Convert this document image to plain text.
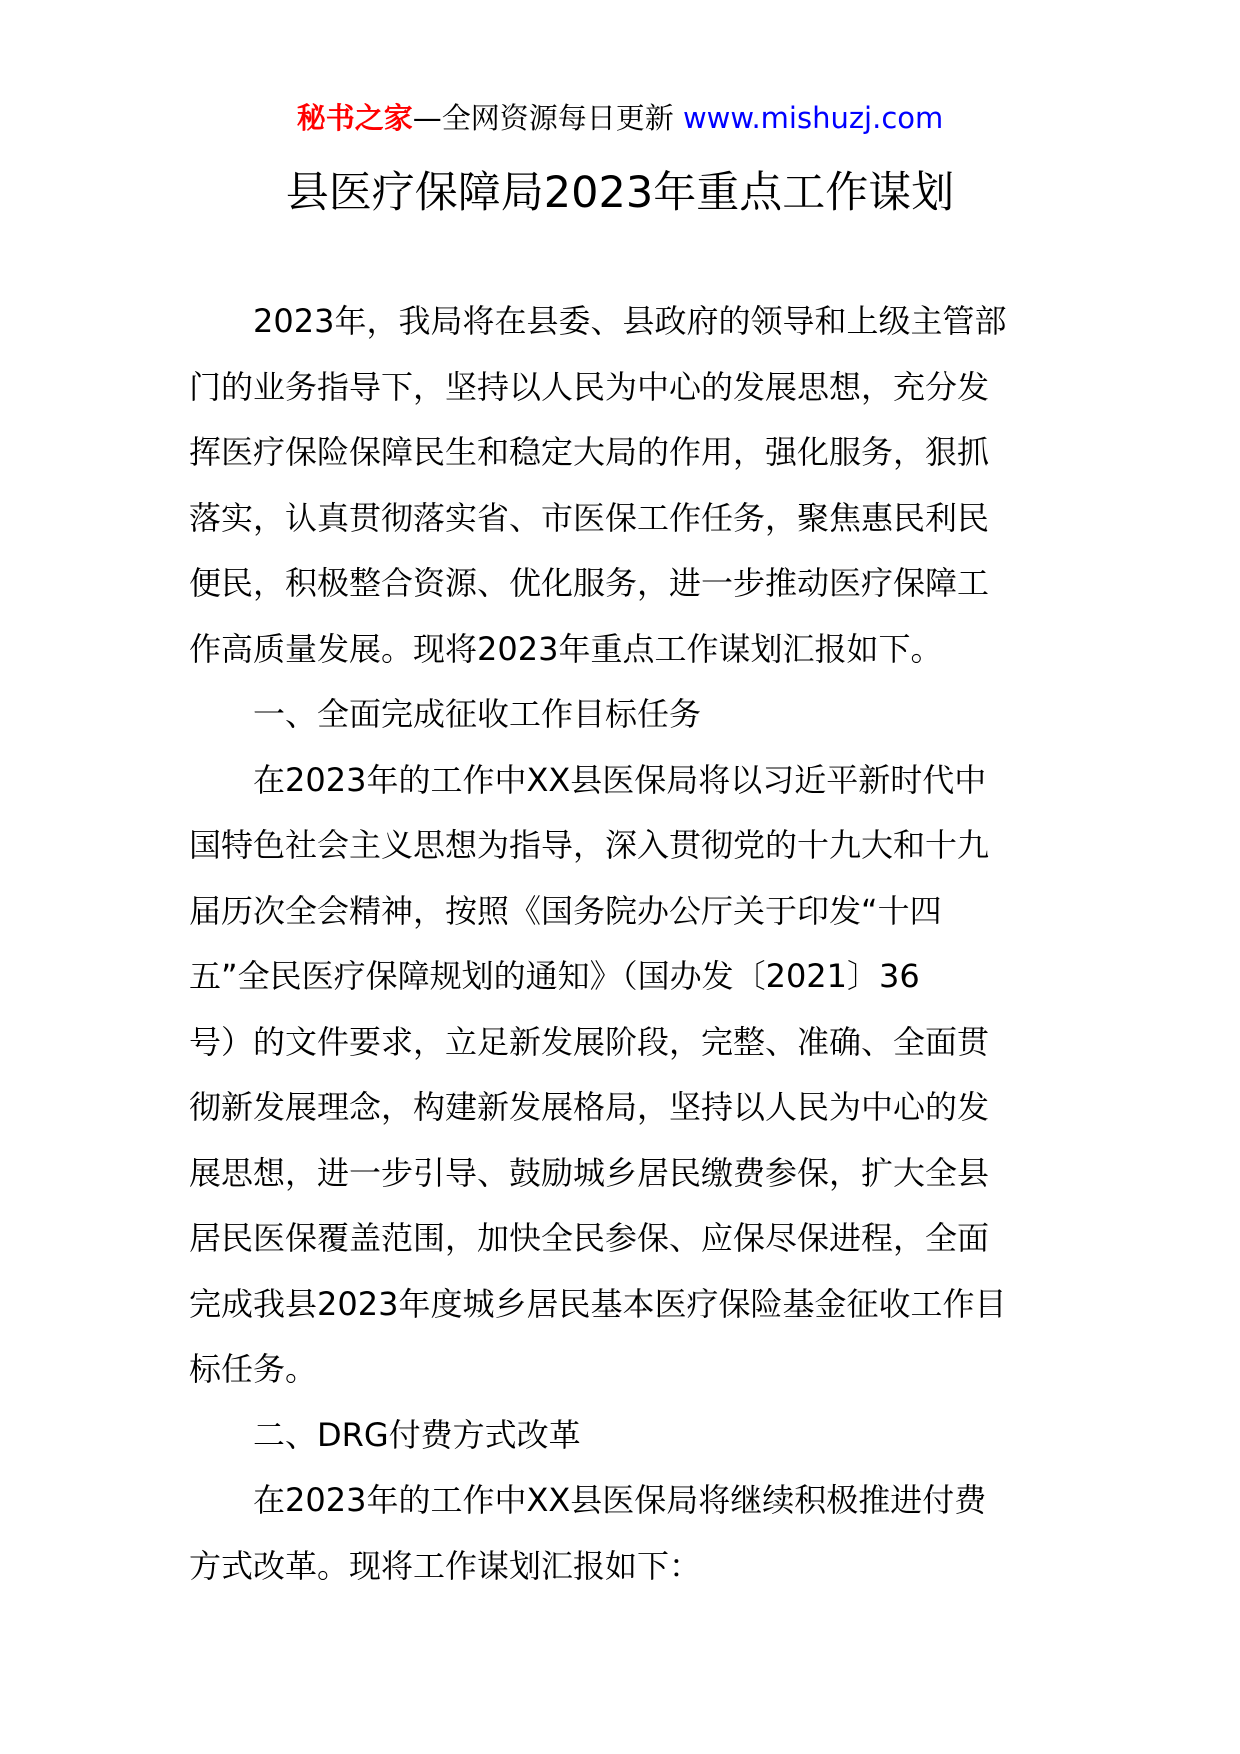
秘书之家—全网资源每日更新 www.mishuzj.com
县医疗保障局2023年重点工作谋划
　　2023年，我局将在县委、县政府的领导和上级主管部
门的业务指导下，坚持以人民为中心的发展思想，充分发
挥医疗保险保障民生和稳定大局的作用，强化服务，狠抓
落实，认真贯彻落实省、市医保工作任务，聚焦惠民利民
便民，积极整合资源、优化服务，进一步推动医疗保障工
作高质量发展。现将2023年重点工作谋划汇报如下。
　　一、全面完成征收工作目标任务
　　在2023年的工作中XX县医保局将以习近平新时代中
国特色社会主义思想为指导，深入贯彻党的十九大和十九
届历次全会精神，按照《国务院办公厅关于印发“十四
五”全民医疗保障规划的通知》（国办发〔2021〕36
号）的文件要求，立足新发展阶段，完整、准确、全面贯
彻新发展理念，构建新发展格局，坚持以人民为中心的发
展思想，进一步引导、鼓励城乡居民缴费参保，扩大全县
居民医保覆盖范围，加快全民参保、应保尽保进程，全面
完成我县2023年度城乡居民基本医疗保险基金征收工作目
标任务。
　　二、DRG付费方式改革
　　在2023年的工作中XX县医保局将继续积极推进付费
方式改革。现将工作谋划汇报如下：
